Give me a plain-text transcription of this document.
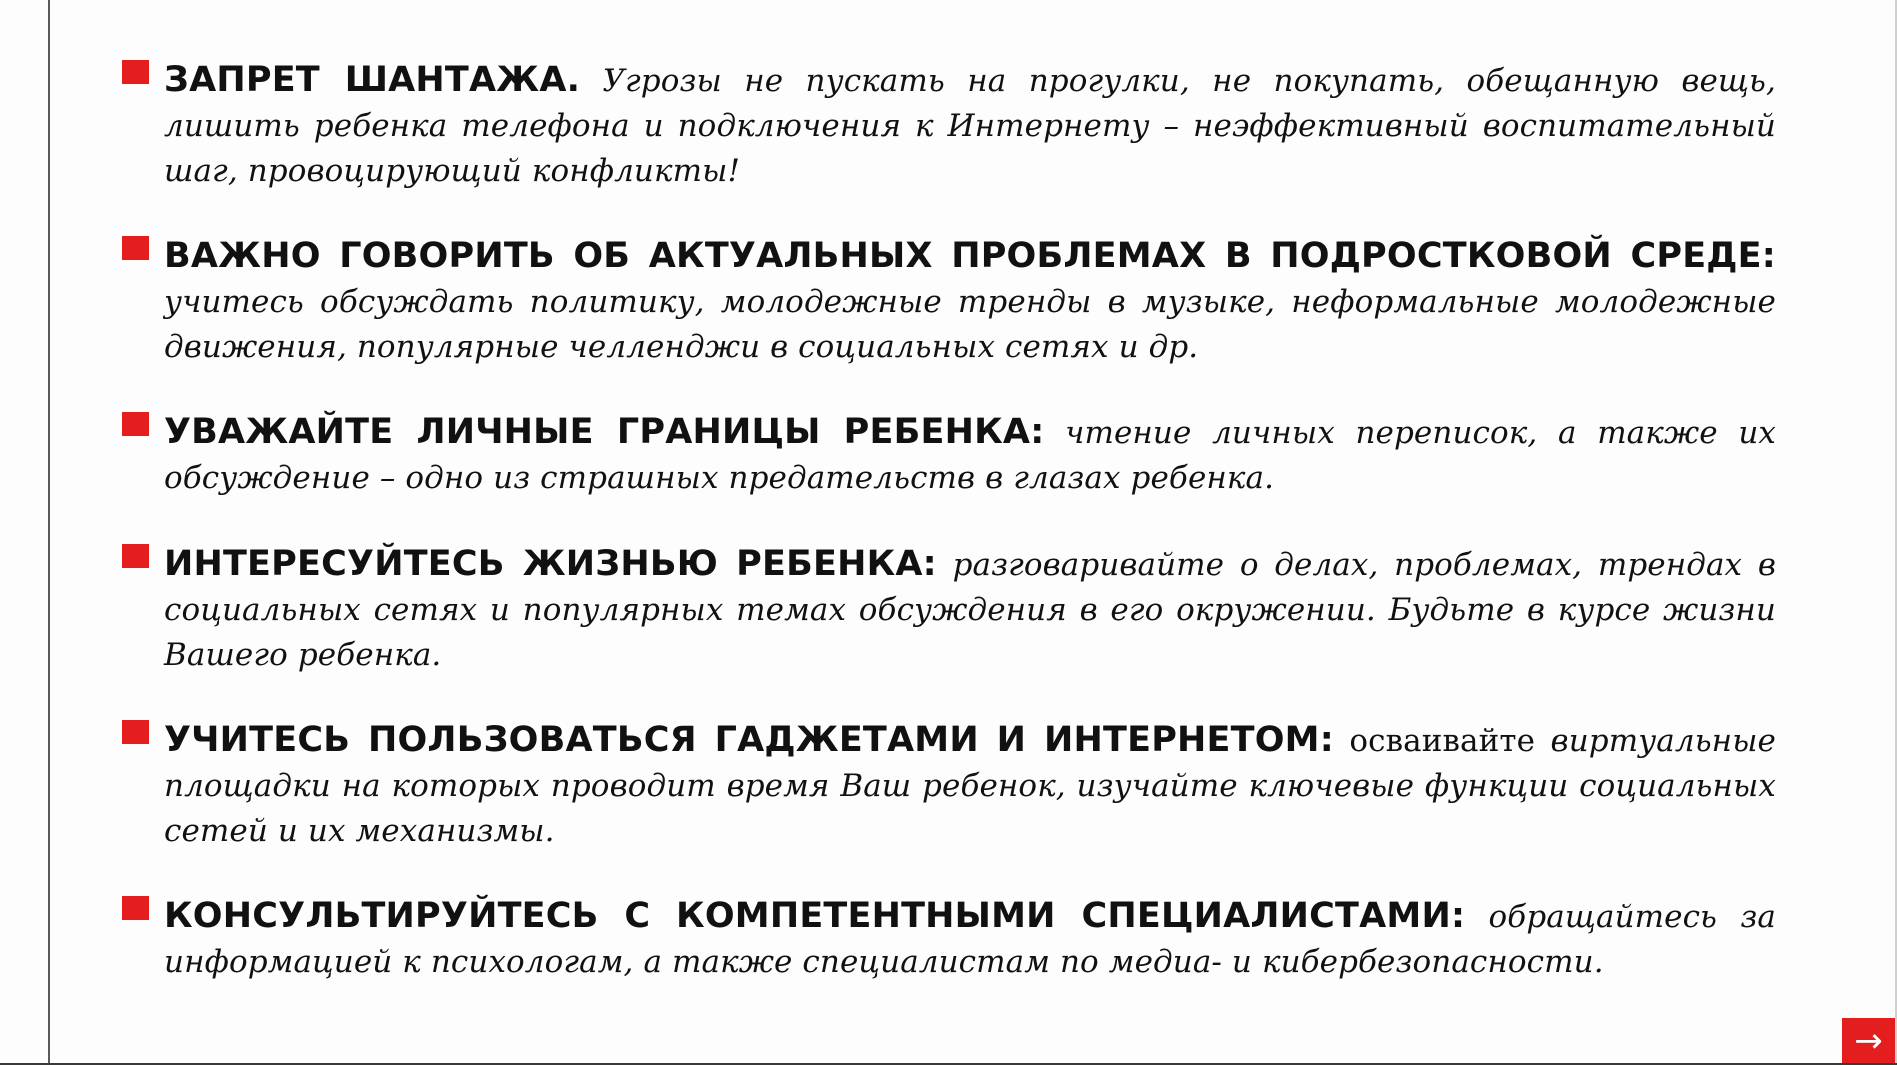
ЗАПРЕТ ШАНТАЖА. Угрозы не пускать на прогулки, не покупать, обещанную вещь, лишить ребенка телефона и подключения к Интернету – неэффективный воспитательный шаг, провоцирующий конфликты!
ВАЖНО ГОВОРИТЬ ОБ АКТУАЛЬНЫХ ПРОБЛЕМАХ В ПОДРОСТКОВОЙ СРЕДЕ: учитесь обсуждать политику, молодежные тренды в музыке, неформальные молодежные движения, популярные челленджи в социальных сетях и др.
УВАЖАЙТЕ ЛИЧНЫЕ ГРАНИЦЫ РЕБЕНКА: чтение личных переписок, а также их обсуждение – одно из страшных предательств в глазах ребенка.
ИНТЕРЕСУЙТЕСЬ ЖИЗНЬЮ РЕБЕНКА: разговаривайте о делах, проблемах, трендах в социальных сетях и популярных темах обсуждения в его окружении. Будьте в курсе жизни Вашего ребенка.
УЧИТЕСЬ ПОЛЬЗОВАТЬСЯ ГАДЖЕТАМИ И ИНТЕРНЕТОМ: осваивайте виртуальные площадки на которых проводит время Ваш ребенок, изучайте ключевые функции социальных сетей и их механизмы.
КОНСУЛЬТИРУЙТЕСЬ С КОМПЕТЕНТНЫМИ СПЕЦИАЛИСТАМИ: обращайтесь за информацией к психологам, а также специалистам по медиа- и кибербезопасности.
→
